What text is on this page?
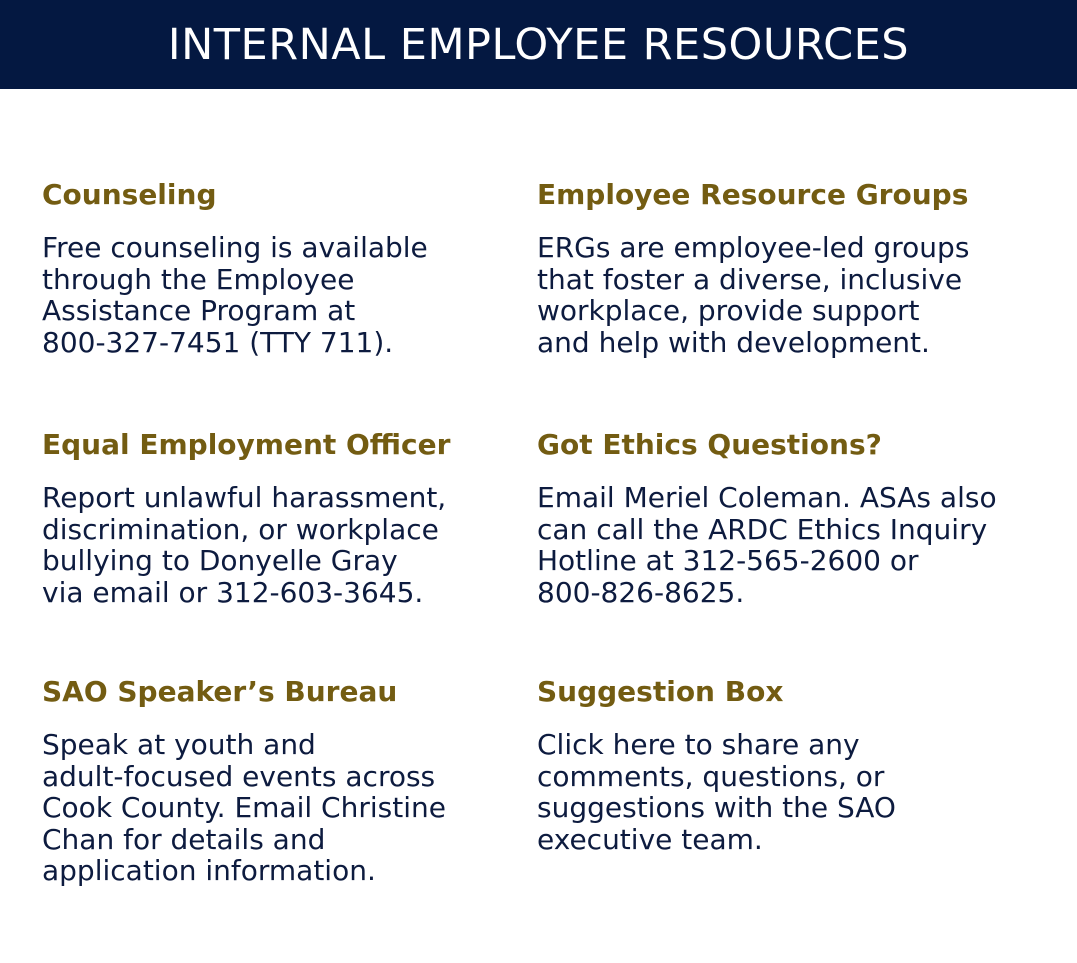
INTERNAL EMPLOYEE RESOURCES
Counseling
Free counseling is available
through the Employee
Assistance Program at
800-327-7451 (TTY 711).
Employee Resource Groups
ERGs are employee-led groups
that foster a diverse, inclusive
workplace, provide support
and help with development.
Equal Employment Officer
Report unlawful harassment,
discrimination, or workplace
bullying to Donyelle Gray
via email or 312-603-3645.
Got Ethics Questions?
Email Meriel Coleman. ASAs also
can call the ARDC Ethics Inquiry
Hotline at 312-565-2600 or
800-826-8625.
SAO Speaker’s Bureau
Speak at youth and
adult-focused events across
Cook County. Email Christine
Chan for details and
application information.
Suggestion Box
Click here to share any
comments, questions, or
suggestions with the SAO
executive team.
